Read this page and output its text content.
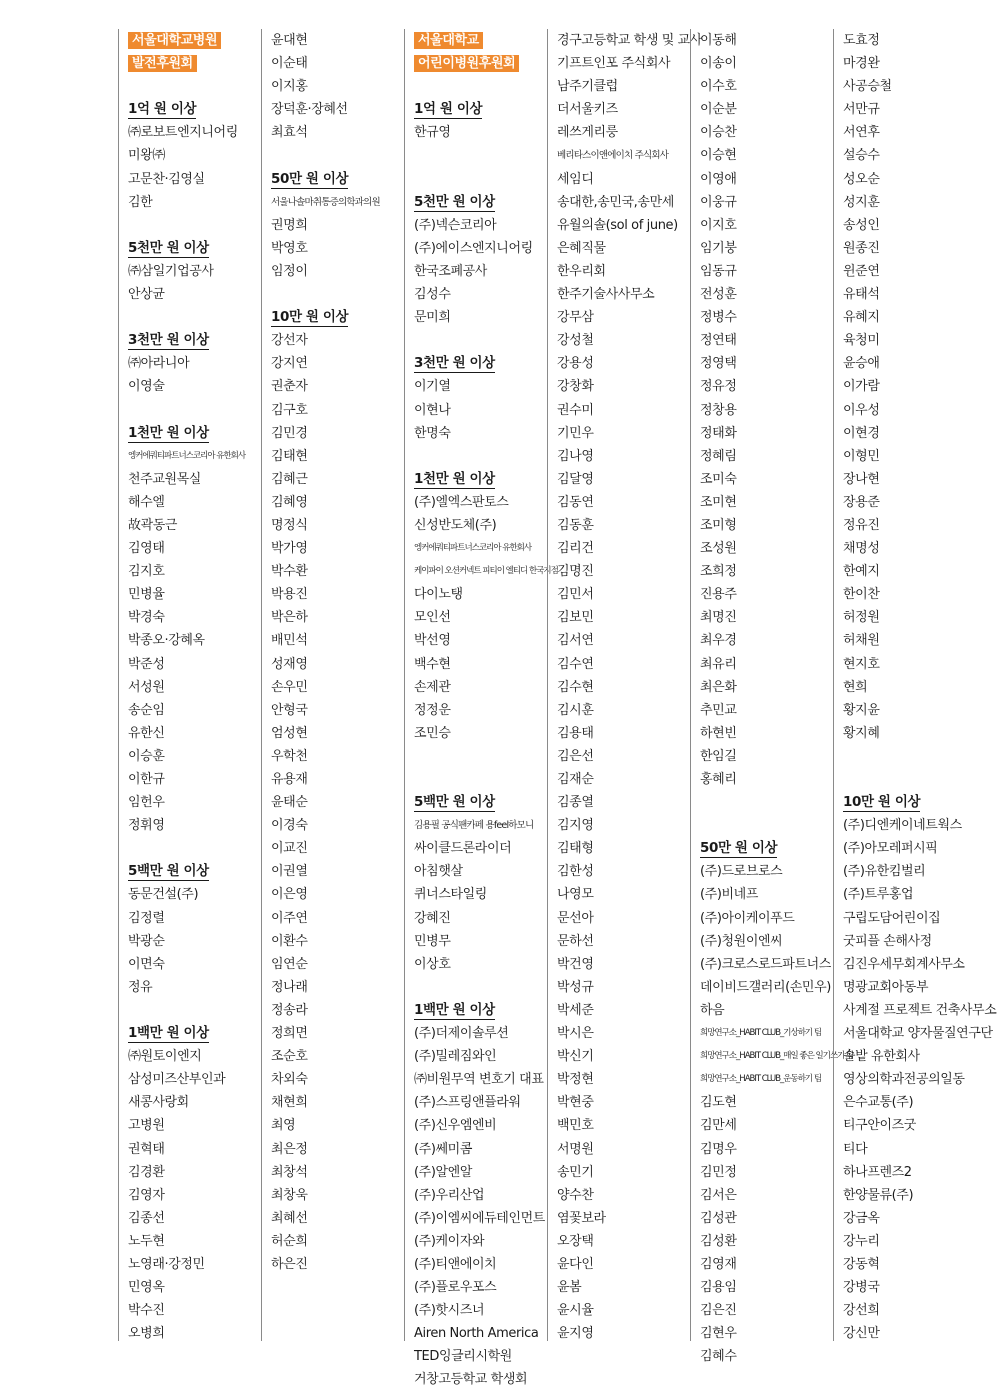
서울대학교병원
발전후원회
1억 원 이상
㈜로보트엔지니어링
미왕㈜
고문찬·김영실
김한
5천만 원 이상
㈜삼일기업공사
안상균
3천만 원 이상
㈜아라니아
이영술
1천만 원 이상
엥커에쿼티파트너스코리아 유한회사
천주교원목실
해수엘
故곽동근
김영태
김지호
민병율
박경숙
박종오·강혜옥
박준성
서성원
송순임
유한신
이승훈
이한규
임헌우
정휘영
5백만 원 이상
동문건설(주)
김정렬
박광순
이면숙
정유
1백만 원 이상
㈜원토이엔지
삼성미즈산부인과
새콩사랑회
고병원
권혁태
김경환
김영자
김종선
노두현
노영래·강정민
민영옥
박수진
오병희
윤대현
이순태
이지홍
장덕훈·장혜선
최효석
50만 원 이상
서울나솔마취통증의학과의원
권명희
박영호
임정이
10만 원 이상
강선자
강지연
권춘자
김구호
김민경
김태현
김혜근
김혜영
명정식
박가영
박수환
박용진
박은하
배민석
성재영
손우민
안형국
엄성현
우학천
유용재
윤태순
이경숙
이교진
이권열
이은영
이주연
이환수
임연순
정나래
정송라
정희면
조순호
차외숙
채현희
최영
최은정
최창석
최창욱
최혜선
허순희
하은진
서울대학교
어린이병원후원회
1억 원 이상
한규영
5천만 원 이상
(주)넥슨코리아
(주)에이스엔지니어링
한국조폐공사
김성수
문미희
3천만 원 이상
이기열
이현나
한명숙
1천만 원 이상
(주)엘엑스판토스
신성반도체(주)
엥커에쿼티파트너스코리아 유한회사
케이파이 오션커넥트 피티이 엘티디 한국지점
다이노탱
모인선
박선영
백수현
손제관
정정운
조민승
5백만 원 이상
김용필 공식팬카페 용feel하모니
싸이클드론라이더
아침햇살
퀴너스타일링
강혜진
민병무
이상호
1백만 원 이상
(주)더제이솔루션
(주)밀레짐와인
㈜비원무역 변호기 대표
(주)스프링앤플라워
(주)신우엠엔비
(주)쎄미콤
(주)알엔알
(주)우리산업
(주)이엠씨에듀테인먼트
(주)케이자와
(주)티앤에이치
(주)플로우포스
(주)핫시즈너
Airen North America
TED잉글리시학원
거창고등학교 학생회
경구고등학교 학생 및 교사
기프트인포 주식회사
남주기클럽
더서울키즈
레쓰게리룽
베리타스이앤에이치 주식회사
세임디
송대한,송민국,송만세
유월의솔(sol of june)
은혜직물
한우리회
한주기술사사무소
강무삼
강성철
강용성
강창화
권수미
기민우
김나영
김달영
김동연
김동훈
김리건
김명진
김민서
김보민
김서연
김수연
김수현
김시훈
김용태
김은선
김재순
김종열
김지영
김태형
김한성
나영모
문선아
문하선
박건영
박성규
박세준
박시은
박신기
박정현
박현중
백민호
서명원
송민기
양수찬
염꽃보라
오장택
윤다인
윤봄
윤시율
윤지영
이동해
이송이
이수호
이순분
이승찬
이승현
이영애
이웅규
이지호
임기붕
임동규
전성훈
정병수
정연태
정영택
정유정
정창용
정태화
정혜림
조미숙
조미현
조미형
조성원
조희정
진용주
최명진
최우경
최유리
최은화
추민교
하현빈
한임길
홍혜리
50만 원 이상
(주)드로브로스
(주)비네프
(주)아이케이푸드
(주)청원이엔씨
(주)크로스로드파트너스
데이비드갤러리(손민우)
하음
희망연구소_HABIT CLUB_기상하기 팀
희망연구소_HABIT CLUB_매일 좋은 일기쓰기 팀
희망연구소_HABIT CLUB_운동하기 팀
김도현
김만세
김명우
김민정
김서은
김성관
김성환
김영재
김용임
김은진
김현우
김혜수
도효정
마경완
사공승철
서만규
서연후
설승수
성오순
성지훈
송성인
원종진
윈준연
유태석
유혜지
육청미
윤승애
이가람
이우성
이현경
이형민
장나현
장용준
정유진
채명성
한예지
한이찬
허정원
허채원
현지호
현희
황지윤
황지혜
10만 원 이상
(주)디엔케이네트웍스
(주)아모레퍼시픽
(주)유한킴벌리
(주)트루홍업
구립도담어린이집
굿피플 손해사정
김진우세무회계사무소
명광교회아동부
사계절 프로젝트 건축사무소
서울대학교 양자물질연구단
솔밭 유한회사
영상의학과전공의일동
은수교통(주)
티구안이즈굿
티다
하나프렌즈2
한양물류(주)
강금옥
강누리
강동혁
강병국
강선희
강신만
